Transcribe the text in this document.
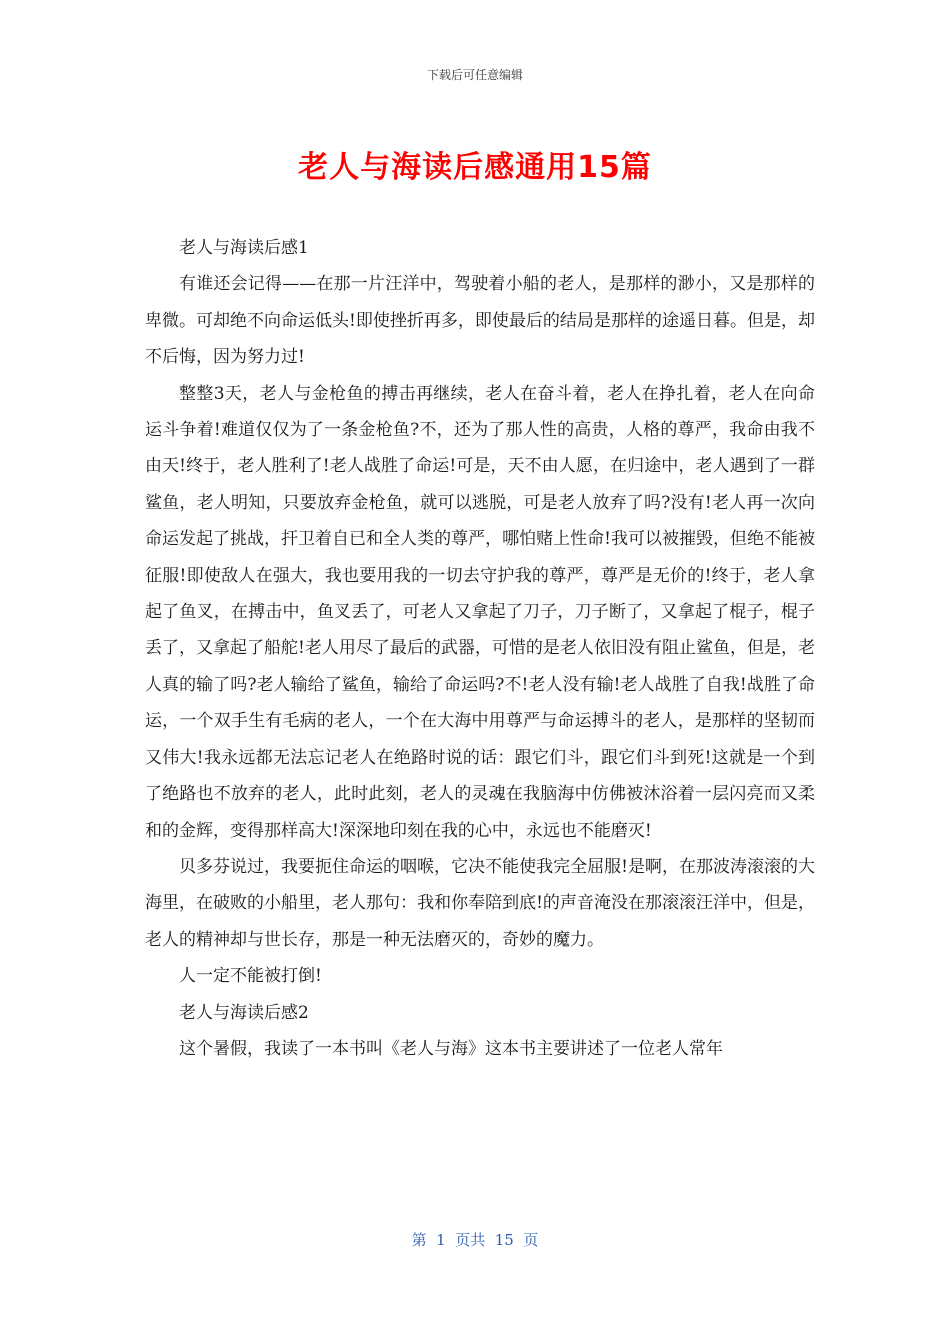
下载后可任意编辑
老人与海读后感通用15篇

老人与海读后感1

有谁还会记得——在那一片汪洋中，驾驶着小船的老人，是那样的渺小，又是那样的卑微。可却绝不向命运低头!即使挫折再多，即使最后的结局是那样的途遥日暮。但是，却不后悔，因为努力过!

整整3天，老人与金枪鱼的搏击再继续，老人在奋斗着，老人在挣扎着，老人在向命运斗争着!难道仅仅为了一条金枪鱼?不，还为了那人性的高贵，人格的尊严，我命由我不由天!终于，老人胜利了!老人战胜了命运!可是，天不由人愿，在归途中，老人遇到了一群鲨鱼，老人明知，只要放弃金枪鱼，就可以逃脱，可是老人放弃了吗?没有!老人再一次向命运发起了挑战，扞卫着自已和全人类的尊严，哪怕赌上性命!我可以被摧毁，但绝不能被征服!即使敌人在强大，我也要用我的一切去守护我的尊严，尊严是无价的!终于，老人拿起了鱼叉，在搏击中，鱼叉丢了，可老人又拿起了刀子，刀子断了，又拿起了棍子，棍子丢了，又拿起了船舵!老人用尽了最后的武器，可惜的是老人依旧没有阻止鲨鱼，但是，老人真的输了吗?老人输给了鲨鱼，输给了命运吗?不!老人没有输!老人战胜了自我!战胜了命运，一个双手生有毛病的老人，一个在大海中用尊严与命运搏斗的老人，是那样的坚韧而又伟大!我永远都无法忘记老人在绝路时说的话：跟它们斗，跟它们斗到死!这就是一个到了绝路也不放弃的老人，此时此刻，老人的灵魂在我脑海中仿佛被沐浴着一层闪亮而又柔和的金辉，变得那样高大!深深地印刻在我的心中，永远也不能磨灭!

贝多芬说过，我要扼住命运的咽喉，它决不能使我完全屈服!是啊，在那波涛滚滚的大海里，在破败的小船里，老人那句：我和你奉陪到底!的声音淹没在那滚滚汪洋中，但是，老人的精神却与世长存，那是一种无法磨灭的，奇妙的魔力。

人一定不能被打倒!

老人与海读后感2

这个暑假，我读了一本书叫《老人与海》这本书主要讲述了一位老人常年

第  1  页共  15  页
